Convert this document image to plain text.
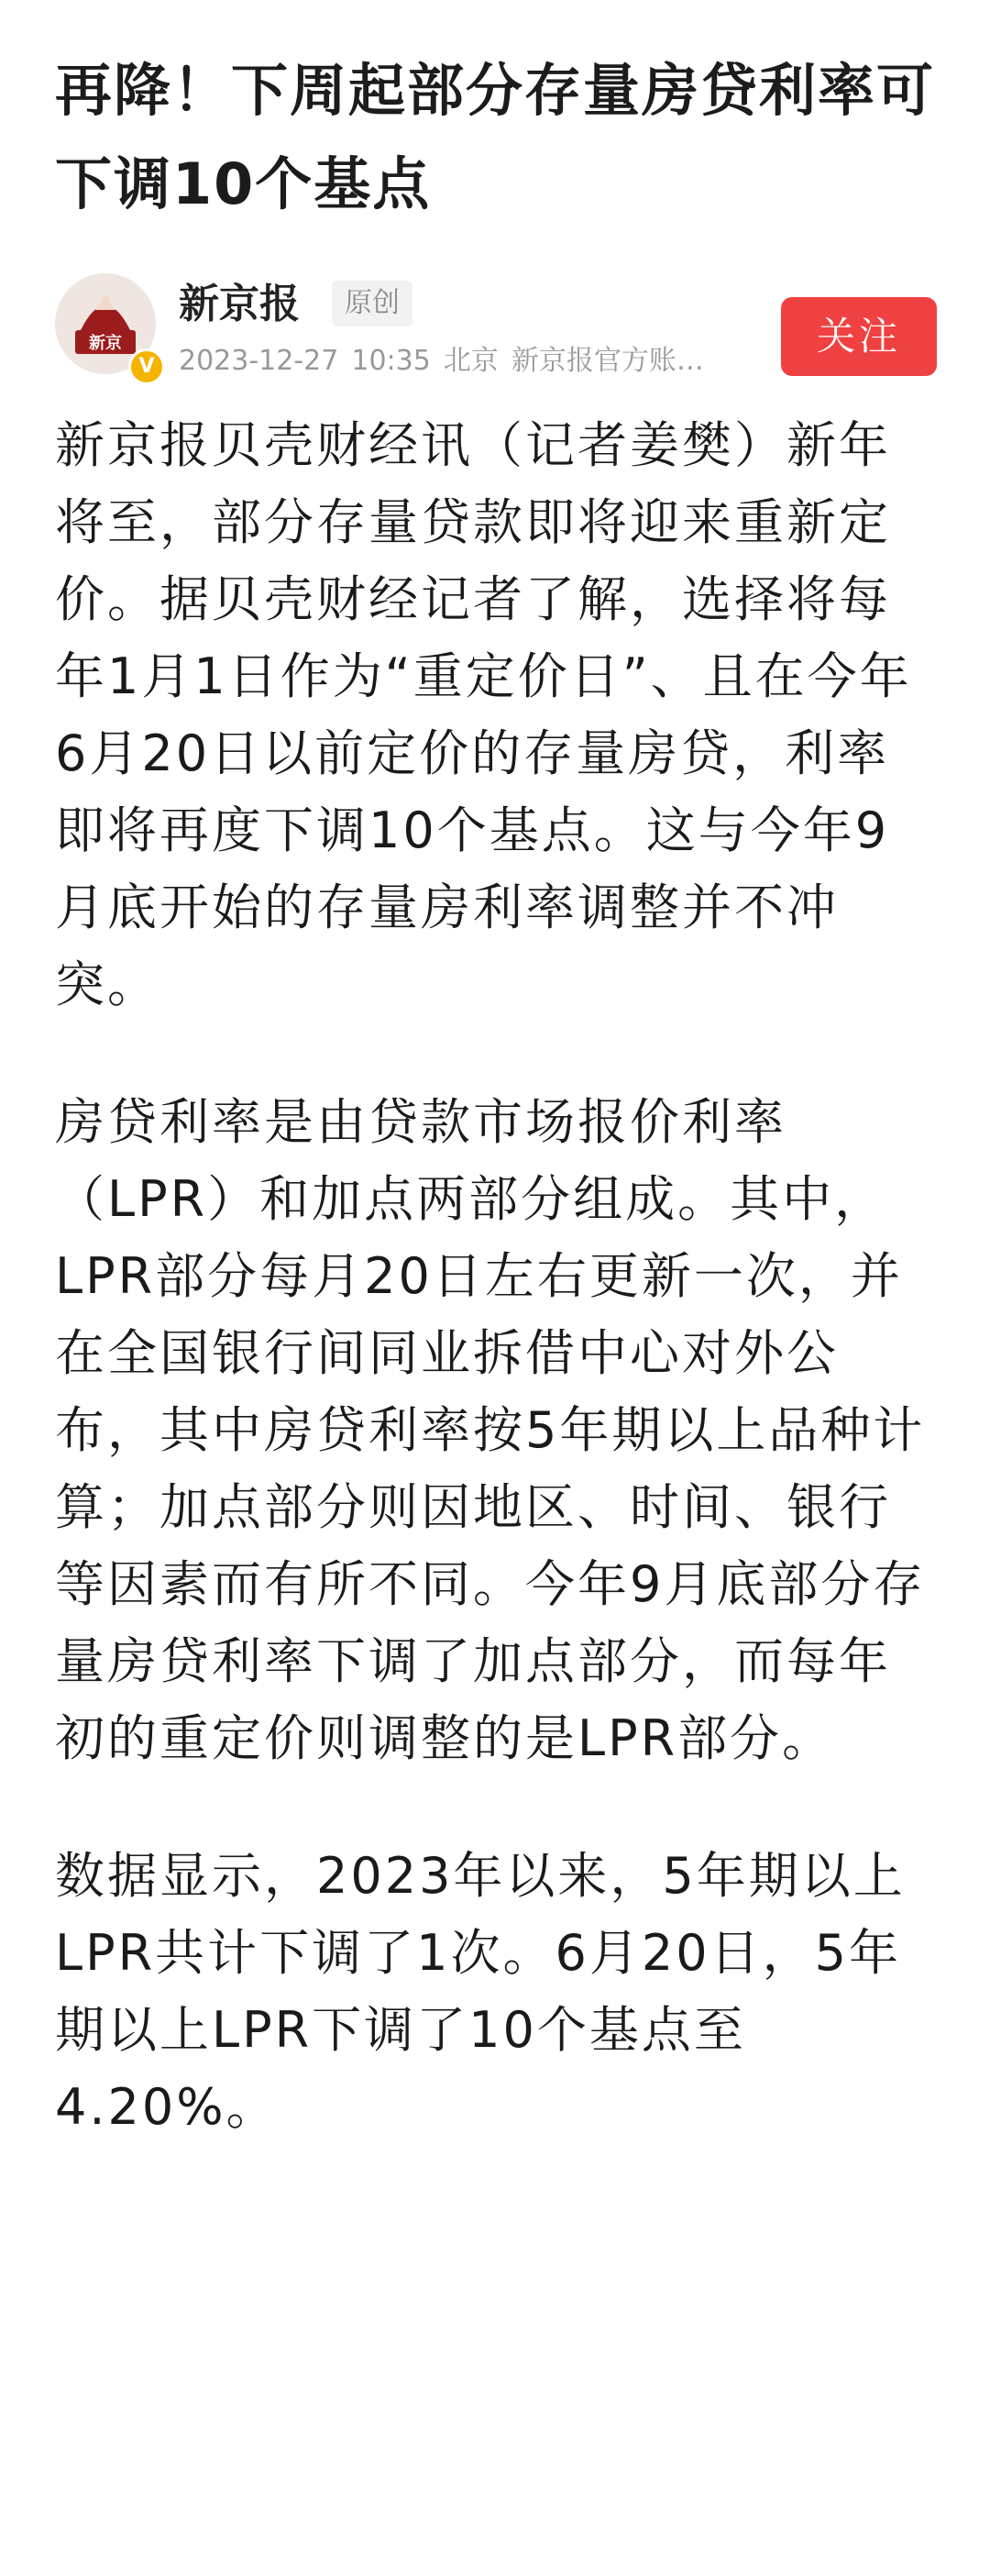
再降！下周起部分存量房贷利率可下调10个基点
新京
V
新京报	原创
2023-12-27 10:35 北京 新京报官方账…
关注

新京报贝壳财经讯（记者姜樊）新年将至，部分存量贷款即将迎来重新定价。据贝壳财经记者了解，选择将每年1月1日作为“重定价日”、且在今年6月20日以前定价的存量房贷，利率即将再度下调10个基点。这与今年9月底开始的存量房利率调整并不冲突。

房贷利率是由贷款市场报价利率（LPR）和加点两部分组成。其中，LPR部分每月20日左右更新一次，并在全国银行间同业拆借中心对外公布，其中房贷利率按5年期以上品种计算；加点部分则因地区、时间、银行等因素而有所不同。今年9月底部分存量房贷利率下调了加点部分，而每年初的重定价则调整的是LPR部分。

数据显示，2023年以来，5年期以上LPR共计下调了1次。6月20日，5年期以上LPR下调了10个基点至4.20%。
